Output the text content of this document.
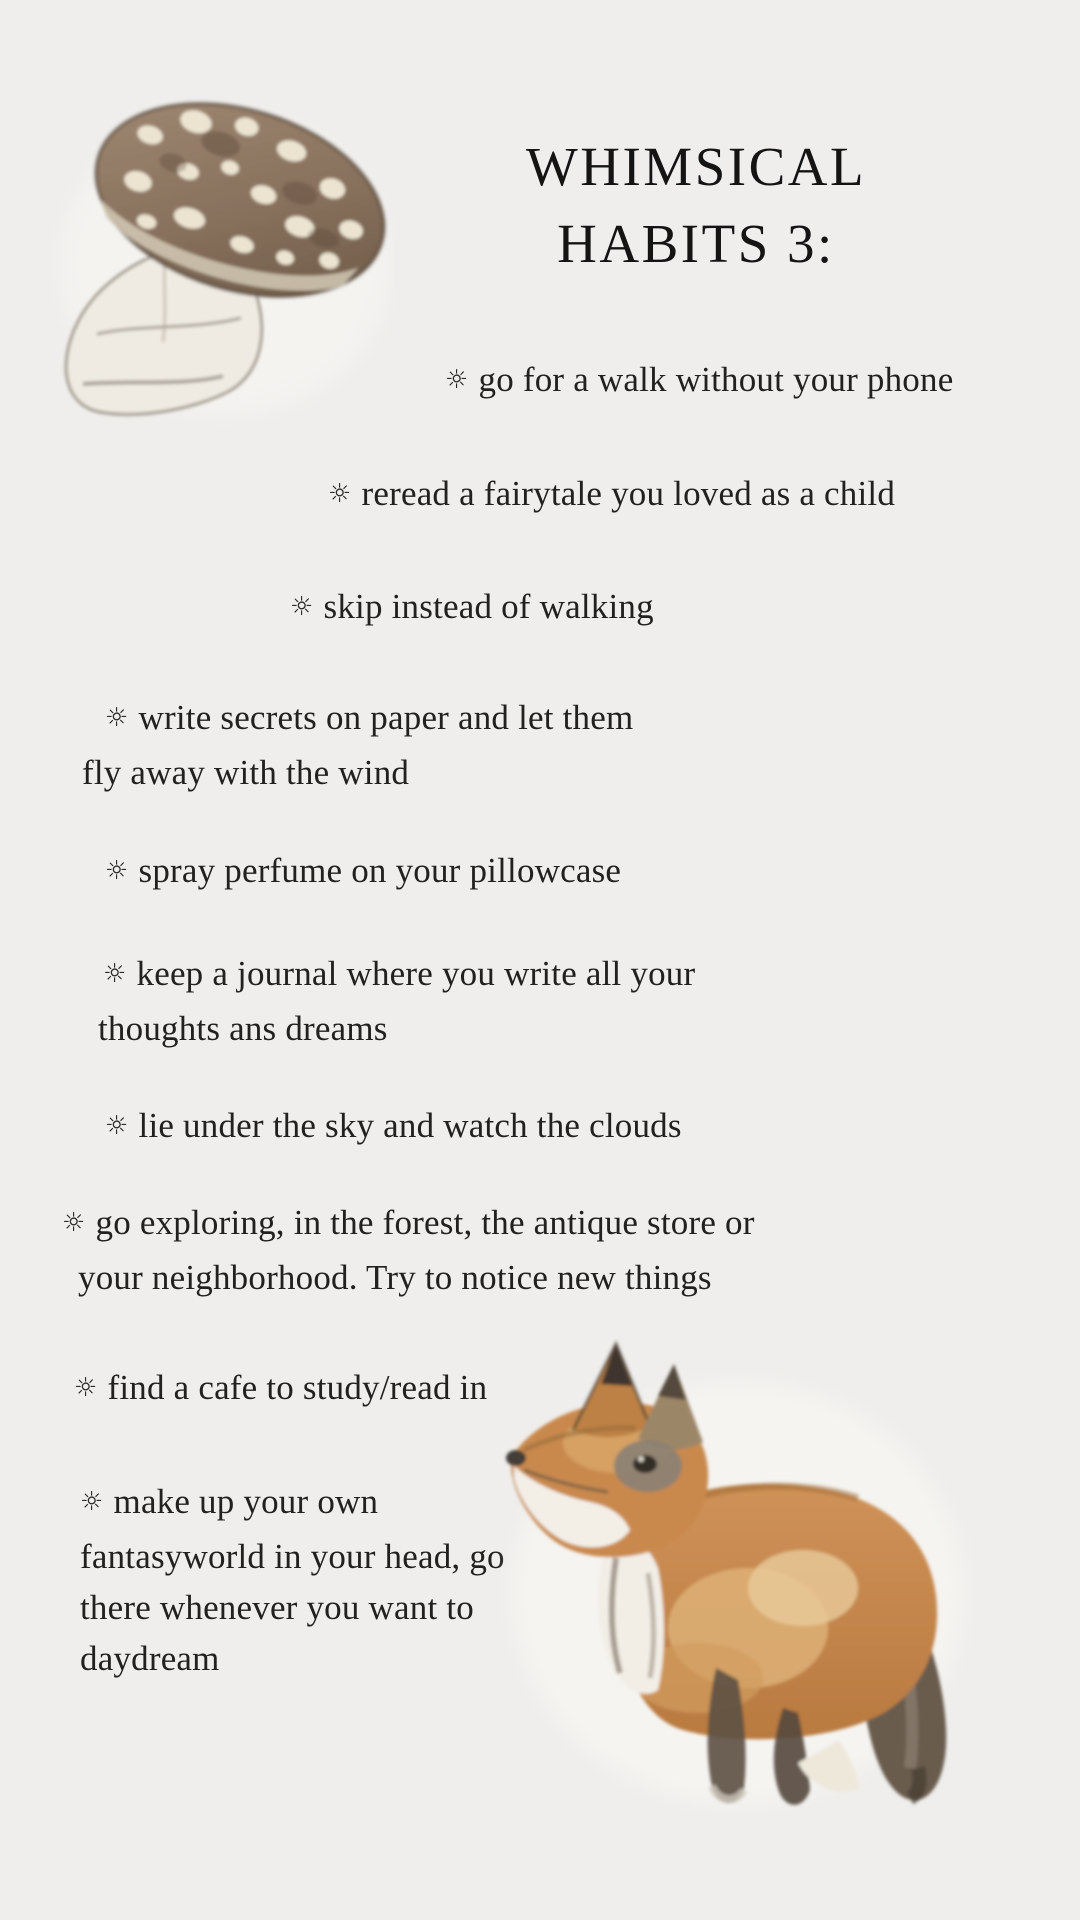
WHIMSICAL
HABITS 3:
☼ go for a walk without your phone
☼ reread a fairytale you loved as a child
☼ skip instead of walking
☼ write secrets on paper and let them
fly away with the wind
☼ spray perfume on your pillowcase
☼ keep a journal where you write all your
thoughts ans dreams
☼ lie under the sky and watch the clouds
☼ go exploring, in the forest, the antique store or
your neighborhood. Try to notice new things
☼ find a cafe to study/read in
☼ make up your own
fantasyworld in your head, go
there whenever you want to
daydream
